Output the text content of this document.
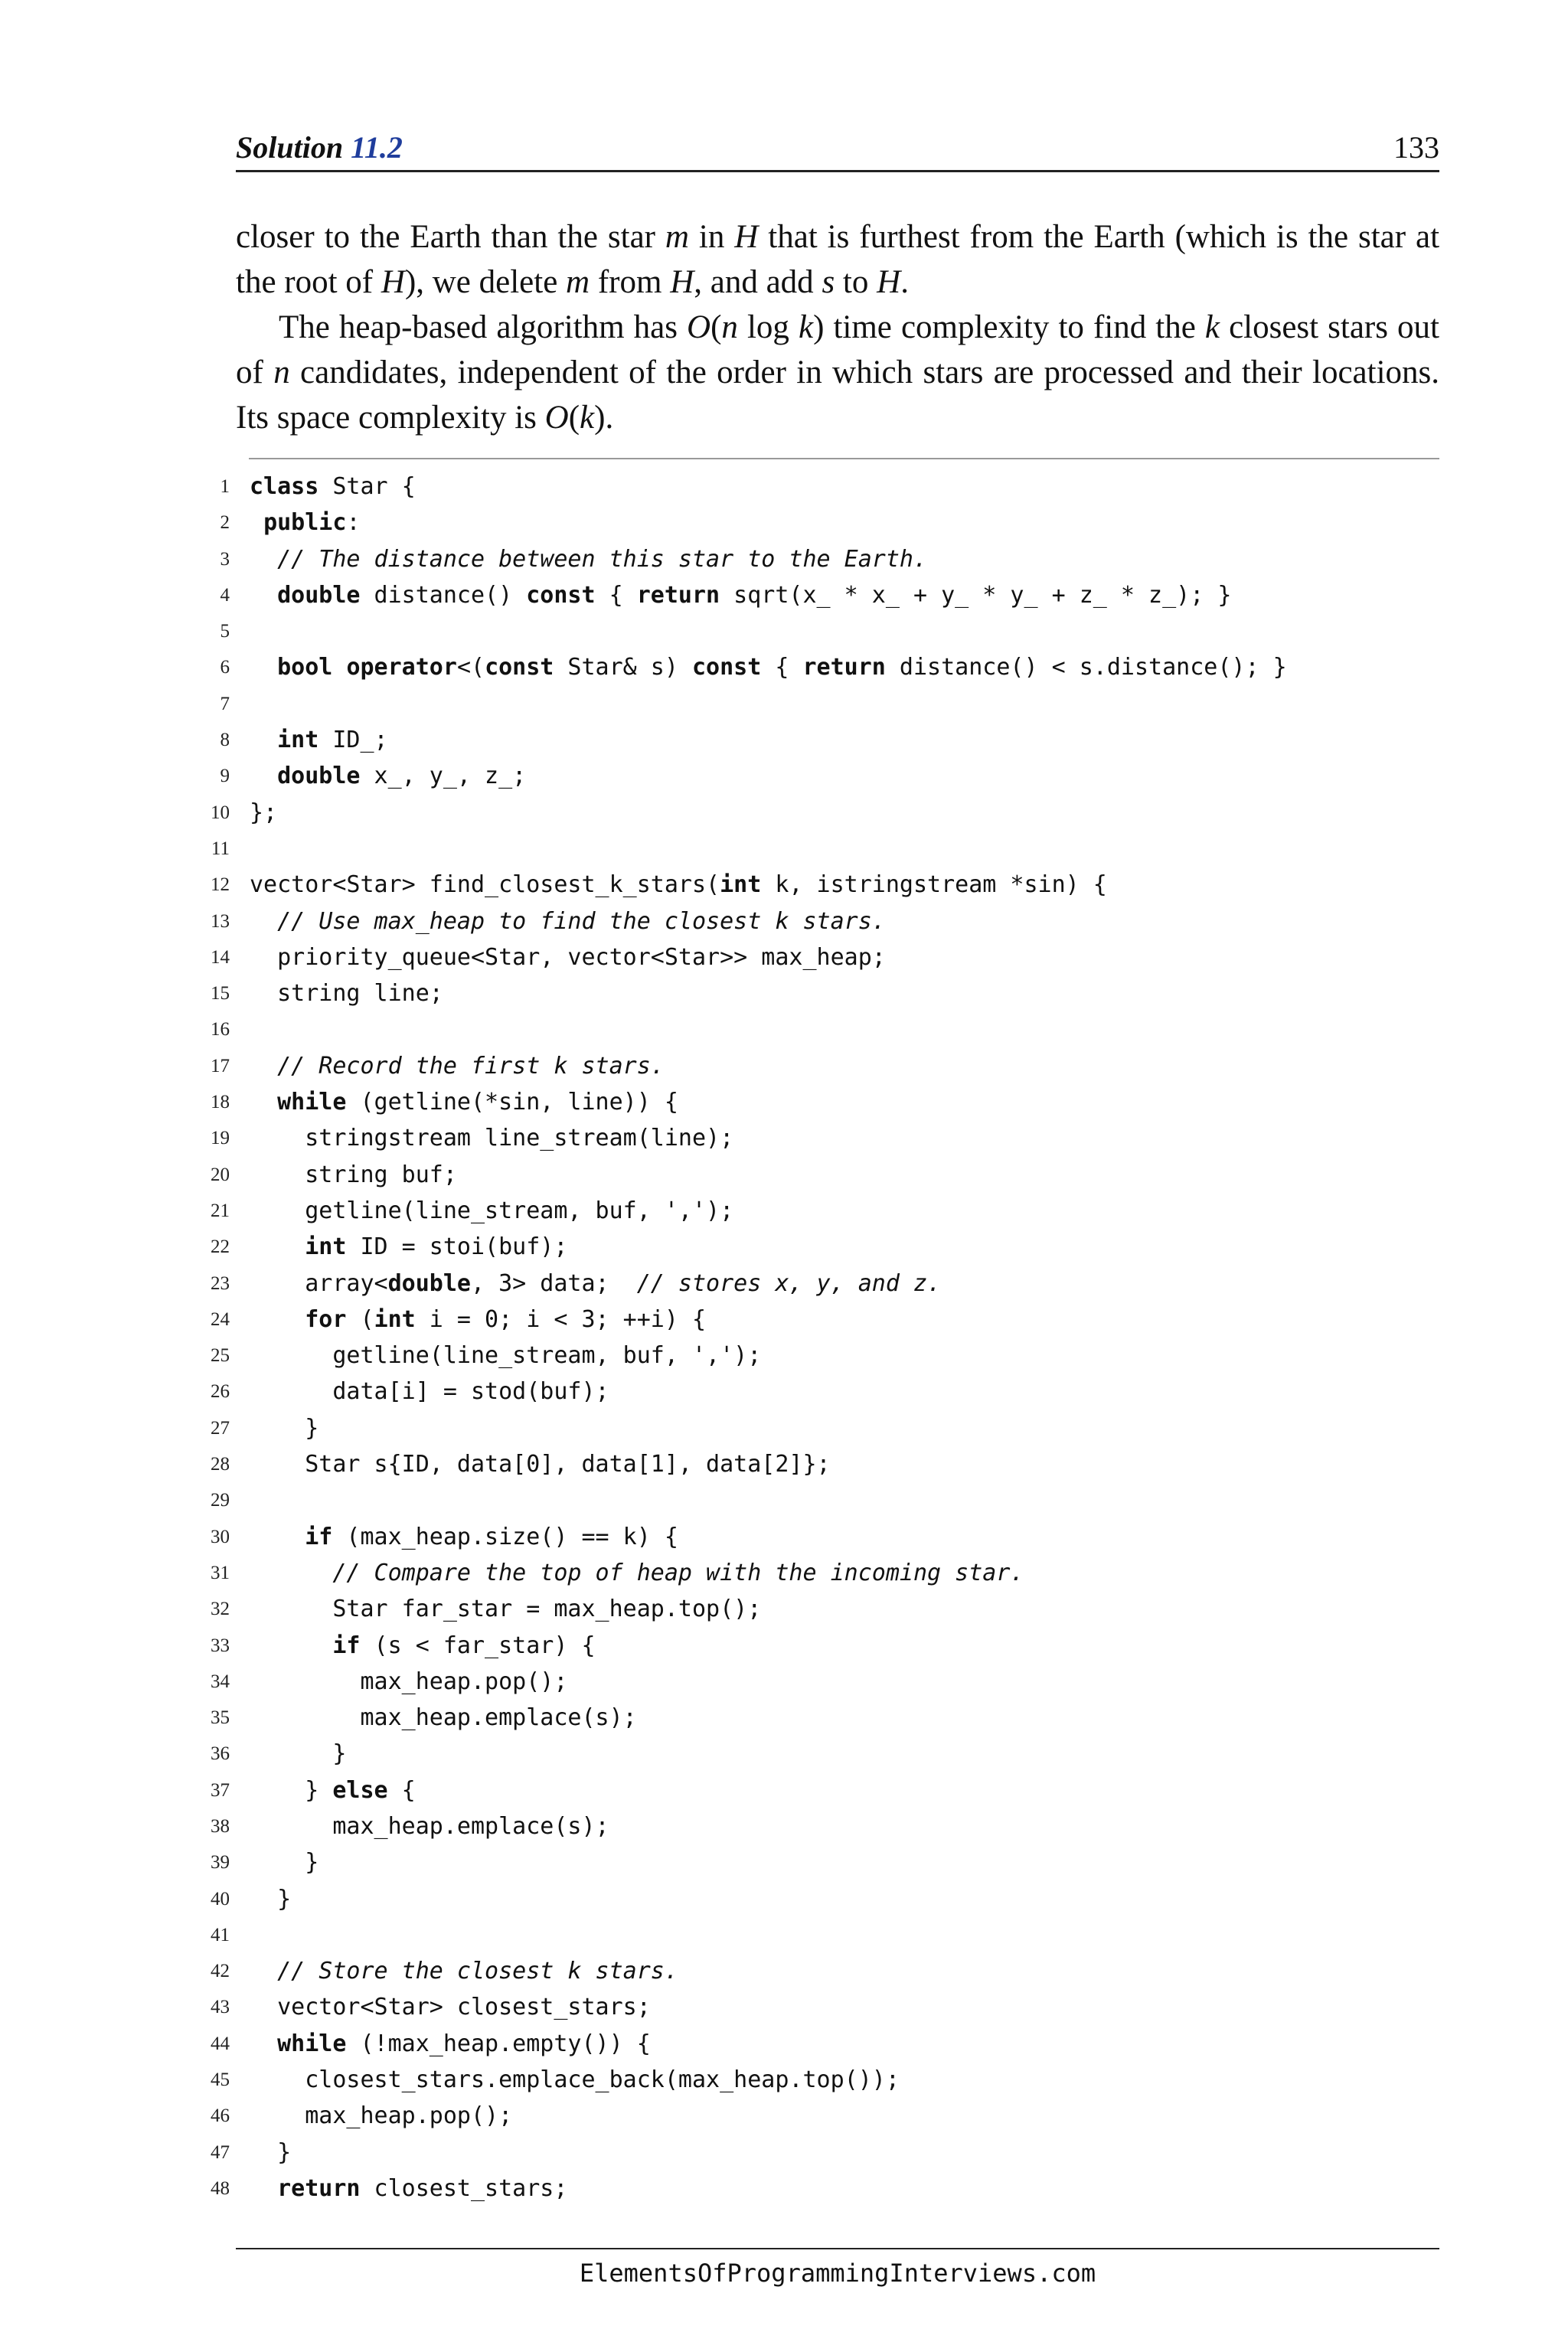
Solution 11.2	133

closer to the Earth than the star m in H that is furthest from the Earth (which is the star at the root of H), we delete m from H, and add s to H.

The heap-based algorithm has O(n log k) time complexity to find the k closest stars out of n candidates, independent of the order in which stars are processed and their locations. Its space complexity is O(k).

1 class Star {
2	public:
3	// The distance between this star to the Earth.
4	double distance() const { return sqrt(x_ * x_ + y_ * y_ + z_ * z_); }
5
6	bool operator<(const Star& s) const { return distance() < s.distance(); }
7
8	int ID_;
9	double x_, y_, z_;
10 };
11
12 vector<Star> find_closest_k_stars(int k, istringstream *sin) {
13	// Use max_heap to find the closest k stars.
14 priority_queue<Star, vector<Star>> max_heap;
15 string line;
16
17	// Record the first k stars.
18	while (getline(*sin, line)) {
19 stringstream line_stream(line);
20 string buf;
21 getline(line_stream, buf, ',');
22	int ID = stoi(buf);
23 array<double, 3> data;  // stores x, y, and z.
24	for (int i = 0; i < 3; ++i) {
25 getline(line_stream, buf, ',');
26 data[i] = stod(buf);
27 }
28 Star s{ID, data[0], data[1], data[2]};
29
30	if (max_heap.size() == k) {
31	// Compare the top of heap with the incoming star.
32 Star far_star = max_heap.top();
33	if (s < far_star) {
34 max_heap.pop();
35 max_heap.emplace(s);
36 }
37 } else {
38 max_heap.emplace(s);
39 }
40 }
41
42	// Store the closest k stars.
43 vector<Star> closest_stars;
44	while (!max_heap.empty()) {
45 closest_stars.emplace_back(max_heap.top());
46 max_heap.pop();
47 }
48	return closest_stars;
ElementsOfProgrammingInterviews.com
